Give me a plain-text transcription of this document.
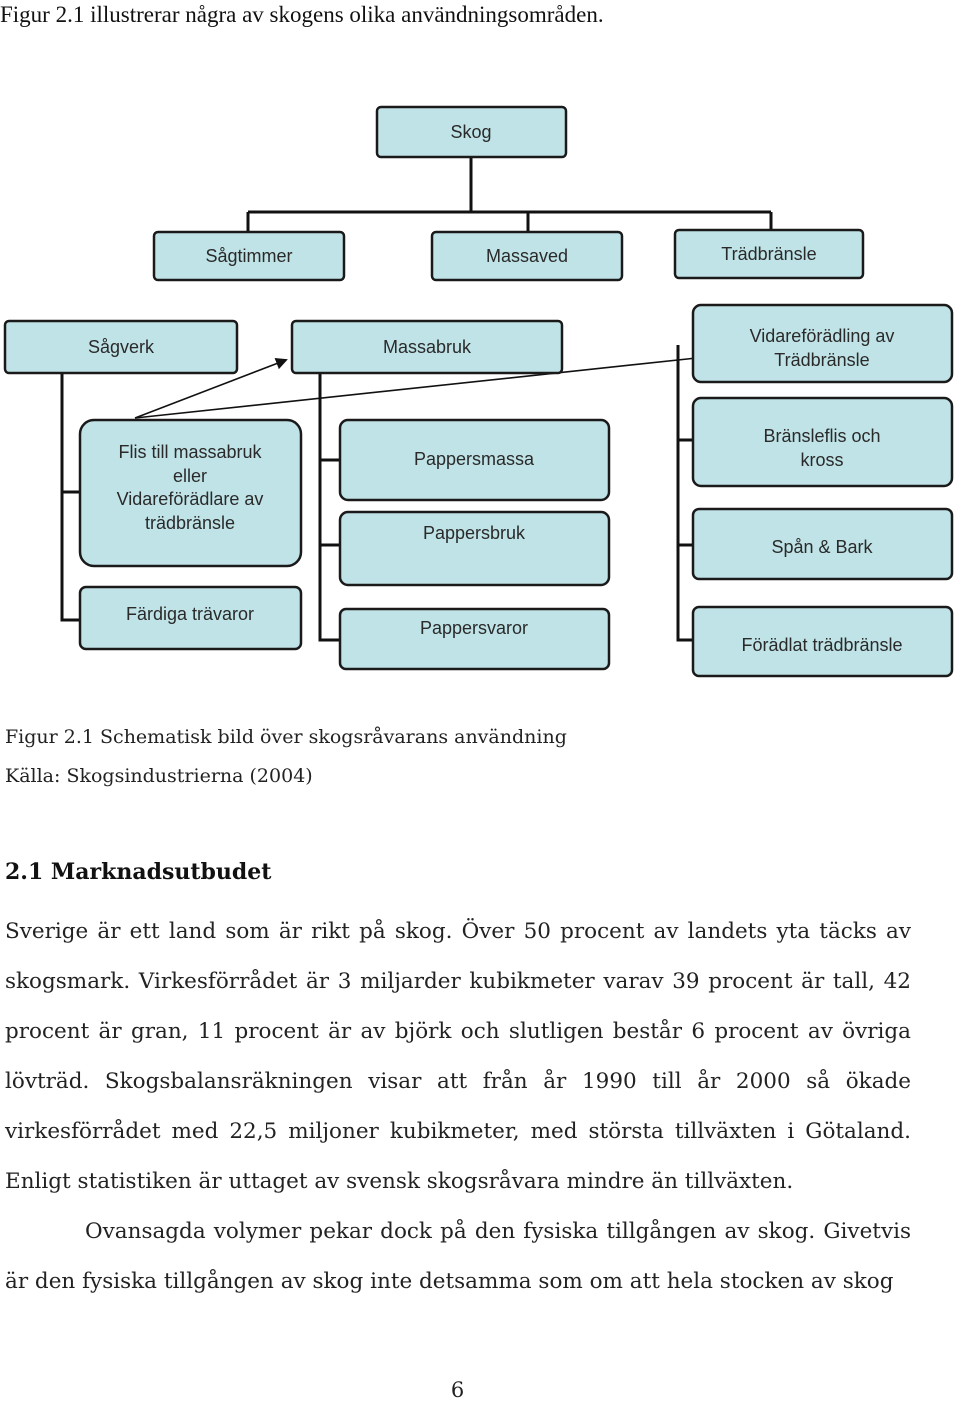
Figur 2.1 illustrerar några av skogens olika användningsområden.
Skog
Sågtimmer	Massaved	Trädbränsle
Sågverk	Massabruk
Vidareförädling av
Trädbränsle
Flis till massabruk
eller
Vidareförädlare av
trädbränsle
Pappersmassa
Pappersbruk
Bränsleflis och
kross
Spån & Bark
Färdiga trävaror
Pappersvaror
Förädlat trädbränsle
Figur 2.1 Schematisk bild över skogsråvarans användning
Källa: Skogsindustrierna (2004)
2.1 Marknadsutbudet

Sverige är ett land som är rikt på skog. Över 50 procent av landets yta täcks av skogsmark. Virkesförrådet är 3 miljarder kubikmeter varav 39 procent är tall, 42 procent är gran, 11 procent är av björk och slutligen består 6 procent av övriga lövträd. Skogsbalansräkningen visar att från år 1990 till år 2000 så ökade virkesförrådet med 22,5 miljoner kubikmeter, med största tillväxten i Götaland. Enligt statistiken är uttaget av svensk skogsråvara mindre än tillväxten.

Ovansagda volymer pekar dock på den fysiska tillgången av skog. Givetvis är den fysiska tillgången av skog inte detsamma som om att hela stocken av skog

6
